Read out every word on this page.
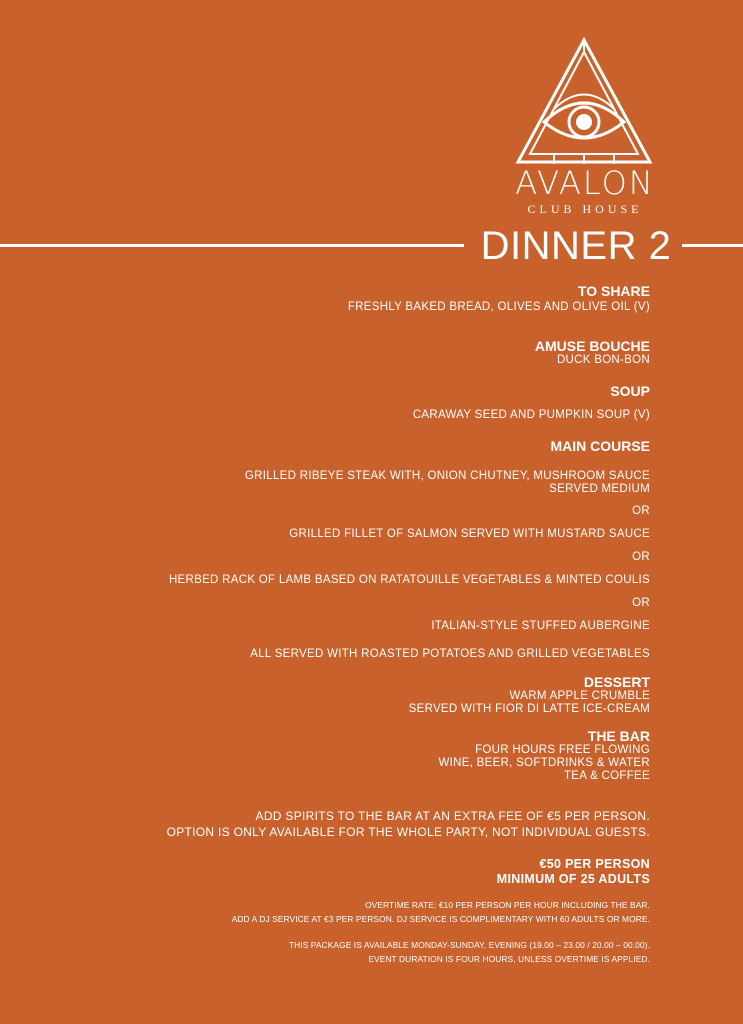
AVALON
CLUB HOUSE
DINNER 2
TO SHARE
FRESHLY BAKED BREAD, OLIVES AND OLIVE OIL (V)
AMUSE BOUCHE
DUCK BON-BON
SOUP
CARAWAY SEED AND PUMPKIN SOUP (V)
MAIN COURSE
GRILLED RIBEYE STEAK WITH, ONION CHUTNEY, MUSHROOM SAUCE
SERVED MEDIUM
OR
GRILLED FILLET OF SALMON SERVED WITH MUSTARD SAUCE
OR
HERBED RACK OF LAMB BASED ON RATATOUILLE VEGETABLES & MINTED COULIS
OR
ITALIAN-STYLE STUFFED AUBERGINE
ALL SERVED WITH ROASTED POTATOES AND GRILLED VEGETABLES
DESSERT
WARM APPLE CRUMBLE
SERVED WITH FIOR DI LATTE ICE-CREAM
THE BAR
FOUR HOURS FREE FLOWING
WINE, BEER, SOFTDRINKS & WATER
TEA & COFFEE
ADD SPIRITS TO THE BAR AT AN EXTRA FEE OF €5 PER PERSON.
OPTION IS ONLY AVAILABLE FOR THE WHOLE PARTY, NOT INDIVIDUAL GUESTS.
€50 PER PERSON
MINIMUM OF 25 ADULTS
OVERTIME RATE: €10 PER PERSON PER HOUR INCLUDING THE BAR.
ADD A DJ SERVICE AT €3 PER PERSON. DJ SERVICE IS COMPLIMENTARY WITH 60 ADULTS OR MORE.
THIS PACKAGE IS AVAILABLE MONDAY-SUNDAY, EVENING (19.00 – 23.00 / 20.00 – 00.00).
EVENT DURATION IS FOUR HOURS, UNLESS OVERTIME IS APPLIED.
